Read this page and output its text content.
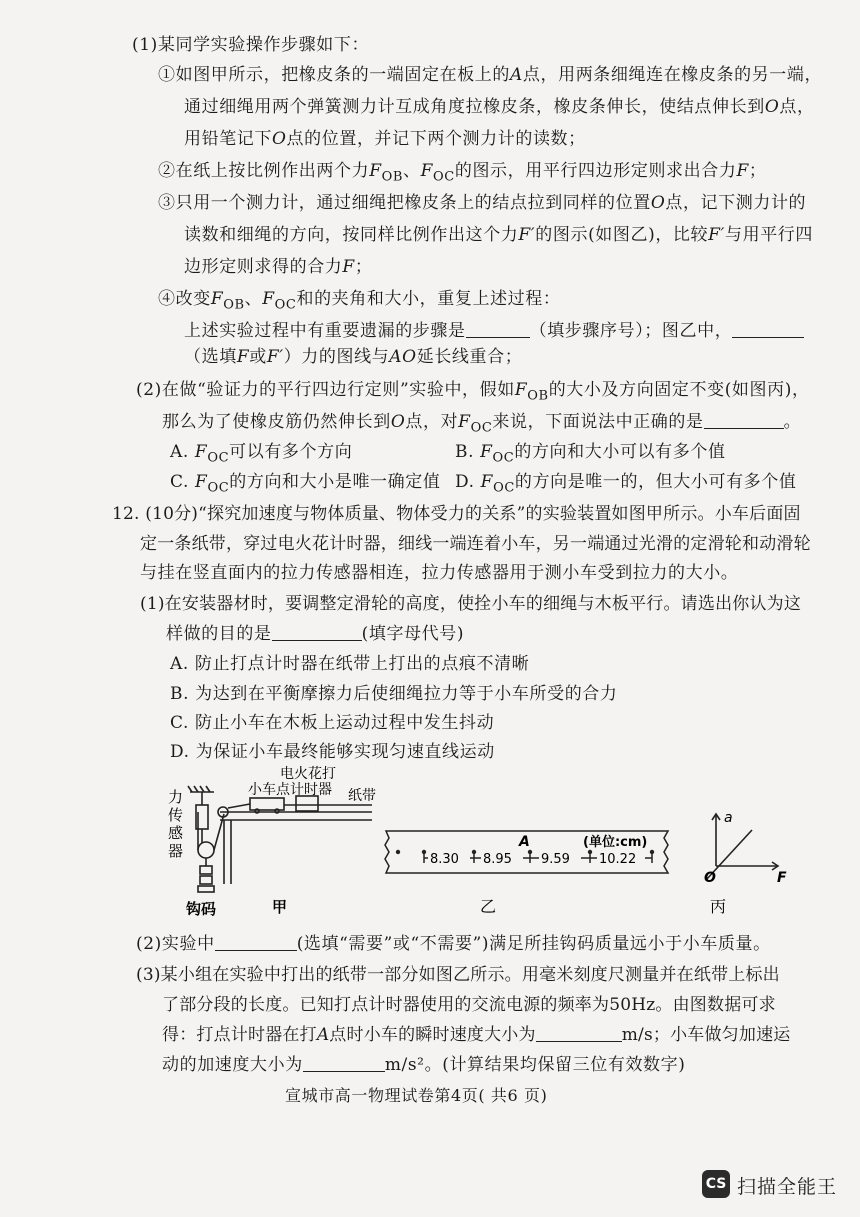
(1)某同学实验操作步骤如下：
①如图甲所示，把橡皮条的一端固定在板上的A点，用两条细绳连在橡皮条的另一端，
通过细绳用两个弹簧测力计互成角度拉橡皮条，橡皮条伸长，使结点伸长到O点，
用铅笔记下O点的位置，并记下两个测力计的读数；
②在纸上按比例作出两个力$F_{OB}$、$F_{OC}$的图示，用平行四边形定则求出合力F；
③只用一个测力计，通过细绳把橡皮条上的结点拉到同样的位置O点，记下测力计的
读数和细绳的方向，按同样比例作出这个力F′的图示(如图乙)，比较F′与用平行四
边形定则求得的合力F；
④改变$F_{OB}$、$F_{OC}$和的夹角和大小，重复上述过程：
上述实验过程中有重要遗漏的步骤是	（填步骤序号）；图乙中，
（选填F或F′）力的图线与AO延长线重合；
(2)在做“验证力的平行四边行定则”实验中，假如$F_{OB}$的大小及方向固定不变(如图丙)，
那么为了使橡皮筋仍然伸长到O点，对$F_{OC}$来说，下面说法中正确的是	。
A. $F_{OC}$可以有多个方向	B. $F_{OC}$的方向和大小可以有多个值
C. $F_{OC}$的方向和大小是唯一确定值 D. $F_{OC}$的方向是唯一的，但大小可有多个值
12. (10分)“探究加速度与物体质量、物体受力的关系”的实验装置如图甲所示。小车后面固
定一条纸带，穿过电火花计时器，细线一端连着小车，另一端通过光滑的定滑轮和动滑轮
与挂在竖直面内的拉力传感器相连，拉力传感器用于测小车受到拉力的大小。
(1)在安装器材时，要调整定滑轮的高度，使拴小车的细绳与木板平行。请选出你认为这
样做的目的是	(填字母代号)
A. 防止打点计时器在纸带上打出的点痕不清晰
B. 为达到在平衡摩擦力后使细绳拉力等于小车所受的合力
C. 防止小车在木板上运动过程中发生抖动
D. 为保证小车最终能够实现匀速直线运动
力
传
感
器
电火花打
小车点计时器 纸带
钩码	甲
8.30 8.95 9.59 10.22
A	(单位:cm)
乙
a
F
O
丙
(2)实验中	(选填“需要”或“不需要”)满足所挂钩码质量远小于小车质量。
(3)某小组在实验中打出的纸带一部分如图乙所示。用毫米刻度尺测量并在纸带上标出
了部分段的长度。已知打点计时器使用的交流电源的频率为50Hz。由图数据可求
得：打点计时器在打A点时小车的瞬时速度大小为	m/s；小车做匀加速运
动的加速度大小为	m/s²。(计算结果均保留三位有效数字)
宣城市高一物理试卷第4页( 共6 页)
CS 扫描全能王
